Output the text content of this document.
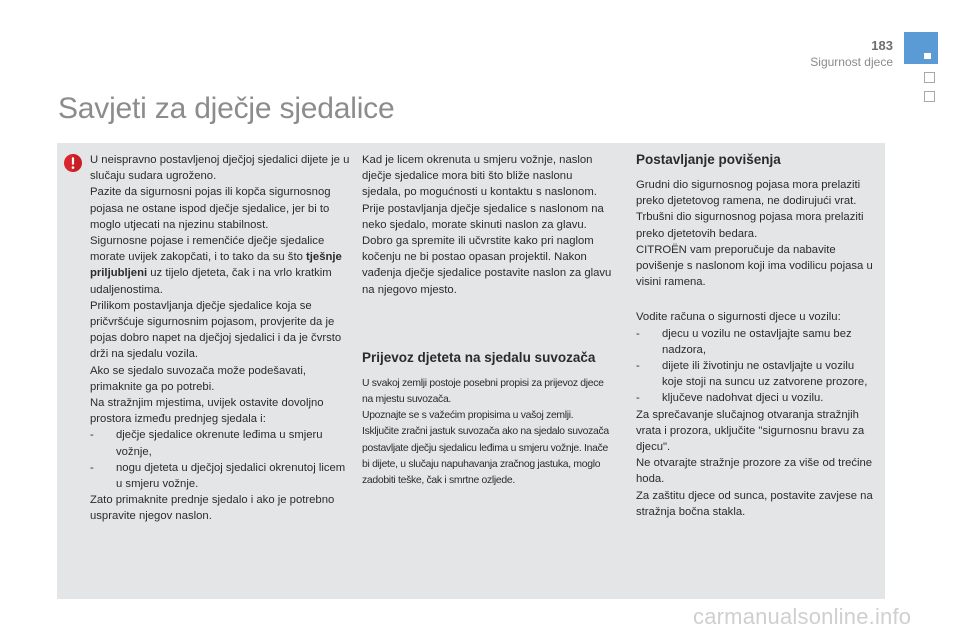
183
Sigurnost djece
Savjeti za dječje sjedalice

U neispravno postavljenoj dječjoj sjedalici dijete je u slučaju sudara ugroženo.

Pazite da sigurnosni pojas ili kopča sigurnosnog pojasa ne ostane ispod dječje sjedalice, jer bi to moglo utjecati na njezinu stabilnost.

Sigurnosne pojase i remenčiće dječje sjedalice morate uvijek zakopčati, i to tako da su što tješnje priljubljeni uz tijelo djeteta, čak i na vrlo kratkim udaljenostima.

Prilikom postavljanja dječje sjedalice koja se pričvršćuje sigurnosnim pojasom, provjerite da je pojas dobro napet na dječjoj sjedalici i da je čvrsto drži na sjedalu vozila.

Ako se sjedalo suvozača može podešavati, primaknite ga po potrebi.

Na stražnjim mjestima, uvijek ostavite dovoljno prostora između prednjeg sjedala i:

- dječje sjedalice okrenute leđima u smjeru vožnje,

- nogu djeteta u dječjoj sjedalici okrenutoj licem u smjeru vožnje.

Zato primaknite prednje sjedalo i ako je potrebno uspravite njegov naslon.

Kad je licem okrenuta u smjeru vožnje, naslon dječje sjedalice mora biti što bliže naslonu sjedala, po mogućnosti u kontaktu s naslonom.

Prije postavljanja dječje sjedalice s naslonom na neko sjedalo, morate skinuti naslon za glavu. Dobro ga spremite ili učvrstite kako pri naglom kočenju ne bi postao opasan projektil. Nakon vađenja dječje sjedalice postavite naslon za glavu na njegovo mjesto.

Prijevoz djeteta na sjedalu suvozača

U svakoj zemlji postoje posebni propisi za prijevoz djece na mjestu suvozača.

Upoznajte se s važećim propisima u vašoj zemlji.

Isključite zračni jastuk suvozača ako na sjedalo suvozača postavljate dječju sjedalicu leđima u smjeru vožnje. Inače bi dijete, u slučaju napuhavanja zračnog jastuka, moglo zadobiti teške, čak i smrtne ozljede.

Postavljanje povišenja

Grudni dio sigurnosnog pojasa mora prelaziti preko djetetovog ramena, ne dodirujući vrat.

Trbušni dio sigurnosnog pojasa mora prelaziti preko djetetovih bedara.

CITROËN vam preporučuje da nabavite povišenje s naslonom koji ima vodilicu pojasa u visini ramena.

Vodite računa o sigurnosti djece u vozilu:

- djecu u vozilu ne ostavljajte samu bez nadzora,

- dijete ili životinju ne ostavljajte u vozilu koje stoji na suncu uz zatvorene prozore,

- ključeve nadohvat djeci u vozilu.

Za sprečavanje slučajnog otvaranja stražnjih vrata i prozora, uključite "sigurnosnu bravu za djecu".

Ne otvarajte stražnje prozore za više od trećine hoda.

Za zaštitu djece od sunca, postavite zavjese na stražnja bočna stakla.

carmanualsonline.info
